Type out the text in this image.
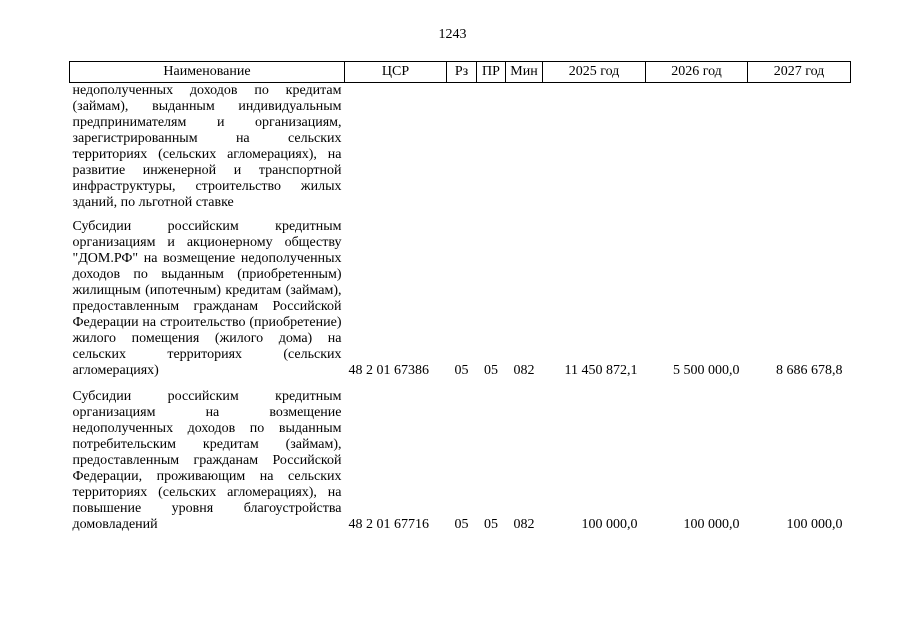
1243
Наименование	ЦСР	Рз	ПР	Мин	2025 год	2026 год	2027 год
недополученных доходов по кредитам (займам), выданным индивидуальным предпринимателям и организациям, зарегистрированным на сельских территориях (сельских агломерациях), на развитие инженерной и транспортной инфраструктуры, строительство жилых зданий, по льготной ставке							
Субсидии российским кредитным организациям и акционерному обществу "ДОМ.РФ" на возмещение недополученных доходов по выданным (приобретенным) жилищным (ипотечным) кредитам (займам), предоставленным гражданам Российской Федерации на строительство (приобретение) жилого помещения (жилого дома) на сельских территориях (сельских агломерациях)	48 2 01 67386	05	05	082	11 450 872,1	5 500 000,0	8 686 678,8
Субсидии российским кредитным организациям на возмещение недополученных доходов по выданным потребительским кредитам (займам), предоставленным гражданам Российской Федерации, проживающим на сельских территориях (сельских агломерациях), на повышение уровня благоустройства домовладений	48 2 01 67716	05	05	082	100 000,0	100 000,0	100 000,0
